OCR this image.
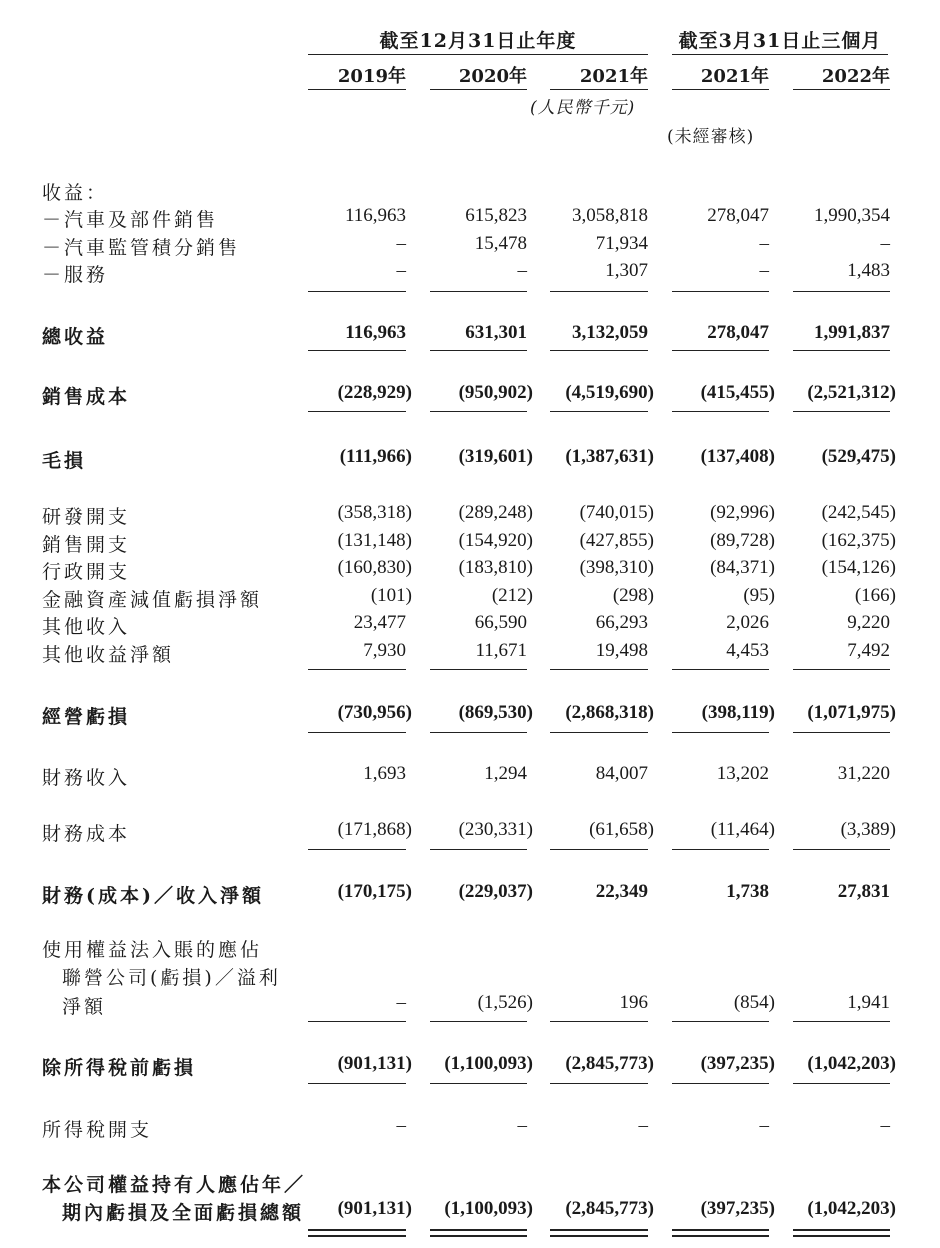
截至12月31日止年度	截至3月31日止三個月
2019年	2020年	2021年	2021年	2022年
(人民幣千元)
(未經審核)
收益：
－汽車及部件銷售	116,963	615,823	3,058,818	278,047	1,990,354
－汽車監管積分銷售	–	15,478	71,934	–	–
－服務	–	–	1,307	–	1,483
總收益	116,963	631,301	3,132,059	278,047	1,991,837
銷售成本	(228,929)	(950,902)	(4,519,690)	(415,455)	(2,521,312)
毛損	(111,966)	(319,601)	(1,387,631)	(137,408)	(529,475)
研發開支	(358,318)	(289,248)	(740,015)	(92,996)	(242,545)
銷售開支	(131,148)	(154,920)	(427,855)	(89,728)	(162,375)
行政開支	(160,830)	(183,810)	(398,310)	(84,371)	(154,126)
金融資產減值虧損淨額	(101)	(212)	(298)	(95)	(166)
其他收入	23,477	66,590	66,293	2,026	9,220
其他收益淨額	7,930	11,671	19,498	4,453	7,492
經營虧損	(730,956)	(869,530)	(2,868,318)	(398,119)	(1,071,975)
財務收入	1,693	1,294	84,007	13,202	31,220
財務成本	(171,868)	(230,331)	(61,658)	(11,464)	(3,389)
財務(成本)／收入淨額	(170,175)	(229,037)	22,349	1,738	27,831
使用權益法入賬的應佔
聯營公司(虧損)／溢利
淨額	–	(1,526)	196	(854)	1,941
除所得稅前虧損	(901,131)	(1,100,093)	(2,845,773)	(397,235)	(1,042,203)
所得稅開支	–	–	–	–	–
本公司權益持有人應佔年／
期內虧損及全面虧損總額	(901,131)	(1,100,093)	(2,845,773)	(397,235)	(1,042,203)
